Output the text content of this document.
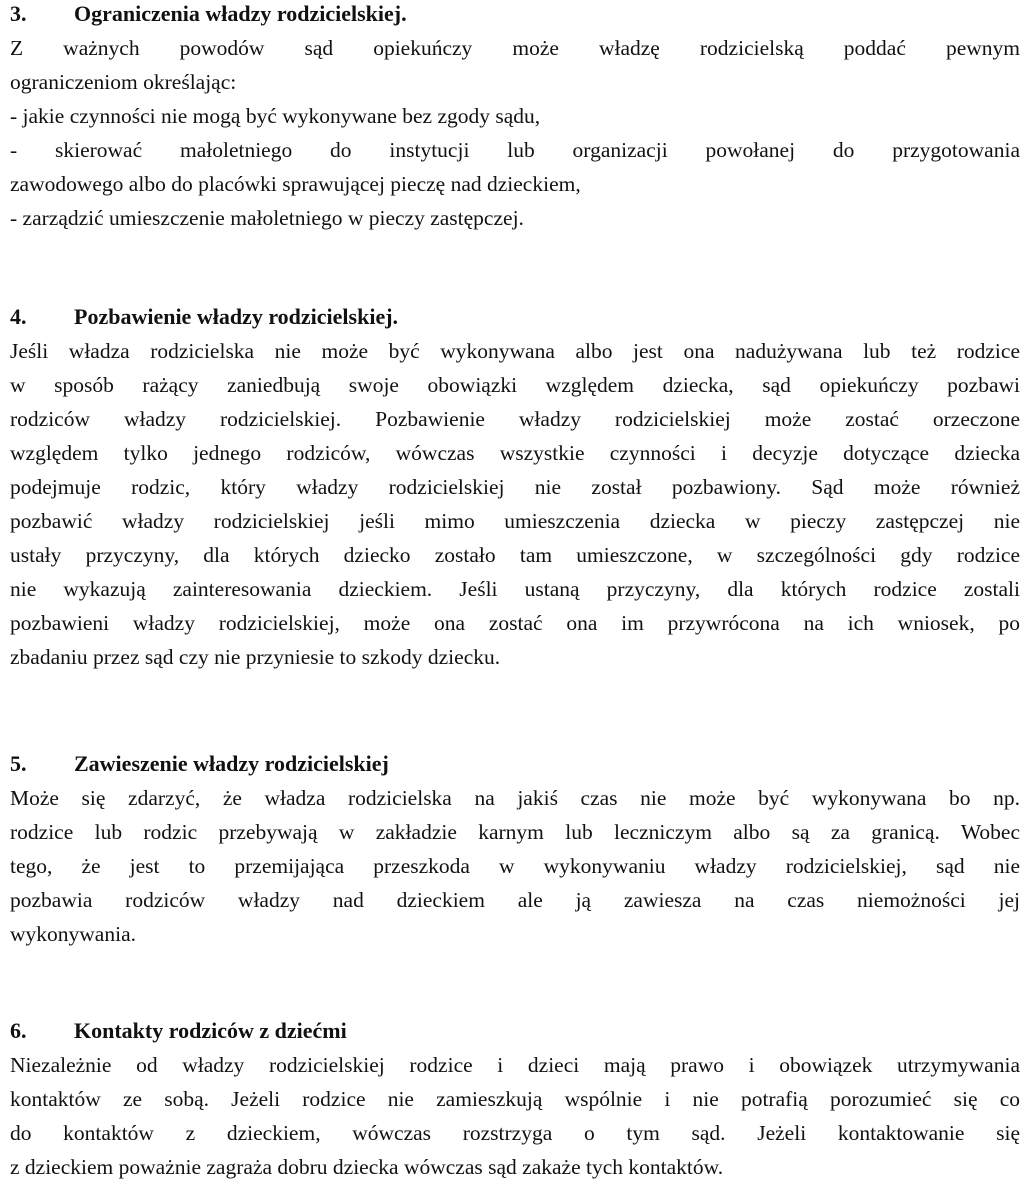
3. Ograniczenia władzy rodzicielskiej.
Z ważnych powodów sąd opiekuńczy może władzę rodzicielską poddać pewnym
ograniczeniom określając:
- jakie czynności nie mogą być wykonywane bez zgody sądu,
- skierować małoletniego do instytucji lub organizacji powołanej do przygotowania
zawodowego albo do placówki sprawującej pieczę nad dzieckiem,
- zarządzić umieszczenie małoletniego w pieczy zastępczej.
4. Pozbawienie władzy rodzicielskiej.
Jeśli władza rodzicielska nie może być wykonywana albo jest ona nadużywana lub też rodzice
w sposób rażący zaniedbują swoje obowiązki względem dziecka, sąd opiekuńczy pozbawi
rodziców władzy rodzicielskiej. Pozbawienie władzy rodzicielskiej może zostać orzeczone
względem tylko jednego rodziców, wówczas wszystkie czynności i decyzje dotyczące dziecka
podejmuje rodzic, który władzy rodzicielskiej nie został pozbawiony. Sąd może również
pozbawić władzy rodzicielskiej jeśli mimo umieszczenia dziecka w pieczy zastępczej nie
ustały przyczyny, dla których dziecko zostało tam umieszczone, w szczególności gdy rodzice
nie wykazują zainteresowania dzieckiem. Jeśli ustaną przyczyny, dla których rodzice zostali
pozbawieni władzy rodzicielskiej, może ona zostać ona im przywrócona na ich wniosek, po
zbadaniu przez sąd czy nie przyniesie to szkody dziecku.
5. Zawieszenie władzy rodzicielskiej
Może się zdarzyć, że władza rodzicielska na jakiś czas nie może być wykonywana bo np.
rodzice lub rodzic przebywają w zakładzie karnym lub leczniczym albo są za granicą. Wobec
tego, że jest to przemijająca przeszkoda w wykonywaniu władzy rodzicielskiej, sąd nie
pozbawia rodziców władzy nad dzieckiem ale ją zawiesza na czas niemożności jej
wykonywania.
6. Kontakty rodziców z dziećmi
Niezależnie od władzy rodzicielskiej rodzice i dzieci mają prawo i obowiązek utrzymywania
kontaktów ze sobą. Jeżeli rodzice nie zamieszkują wspólnie i nie potrafią porozumieć się co
do kontaktów z dzieckiem, wówczas rozstrzyga o tym sąd. Jeżeli kontaktowanie się
z dzieckiem poważnie zagraża dobru dziecka wówczas sąd zakaże tych kontaktów.
